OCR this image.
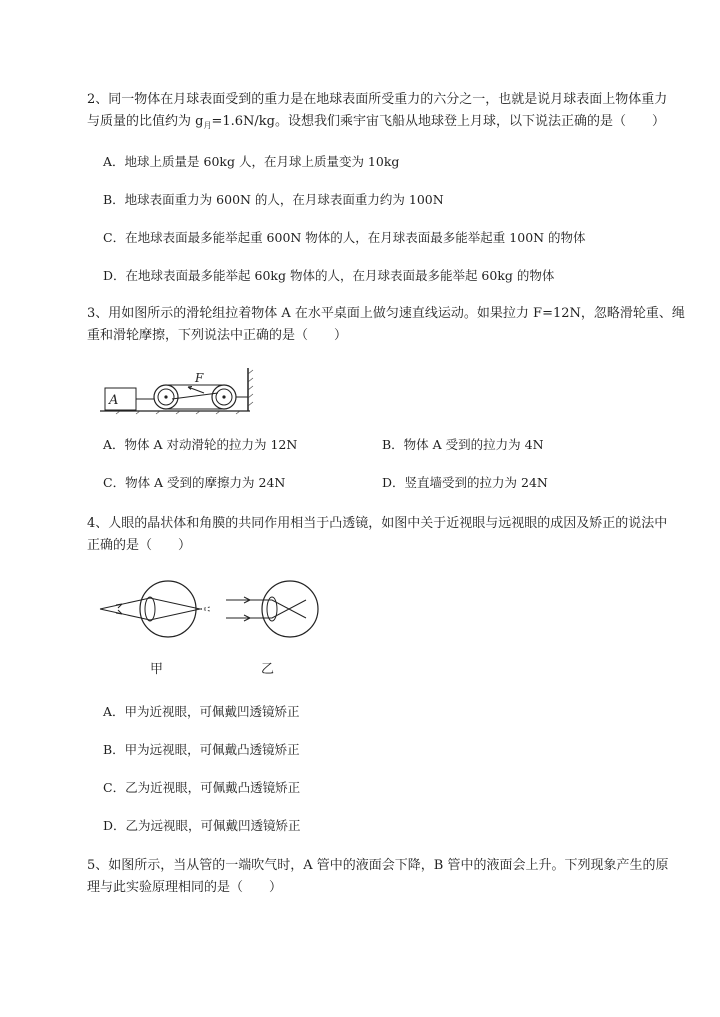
2、同一物体在月球表面受到的重力是在地球表面所受重力的六分之一，也就是说月球表面上物体重力
与质量的比值约为 $g_月=1.6N/kg$。设想我们乘宇宙飞船从地球登上月球，以下说法正确的是（　　）
A．地球上质量是 60kg 人，在月球上质量变为 10kg
B．地球表面重力为 600N 的人，在月球表面重力约为 100N
C．在地球表面最多能举起重 600N 物体的人，在月球表面最多能举起重 100N 的物体
D．在地球表面最多能举起 60kg 物体的人，在月球表面最多能举起 60kg 的物体
3、用如图所示的滑轮组拉着物体 A 在水平桌面上做匀速直线运动。如果拉力 F=12N，忽略滑轮重、绳
重和滑轮摩擦，下列说法中正确的是（　　）
A
F
A．物体 A 对动滑轮的拉力为 12N	B．物体 A 受到的拉力为 4N
C．物体 A 受到的摩擦力为 24N	D．竖直墙受到的拉力为 24N
4、人眼的晶状体和角膜的共同作用相当于凸透镜，如图中关于近视眼与远视眼的成因及矫正的说法中
正确的是（　　）
甲	乙
A．甲为近视眼，可佩戴凹透镜矫正
B．甲为远视眼，可佩戴凸透镜矫正
C．乙为近视眼，可佩戴凸透镜矫正
D．乙为远视眼，可佩戴凹透镜矫正
5、如图所示，当从管的一端吹气时，A 管中的液面会下降，B 管中的液面会上升。下列现象产生的原
理与此实验原理相同的是（　　）
